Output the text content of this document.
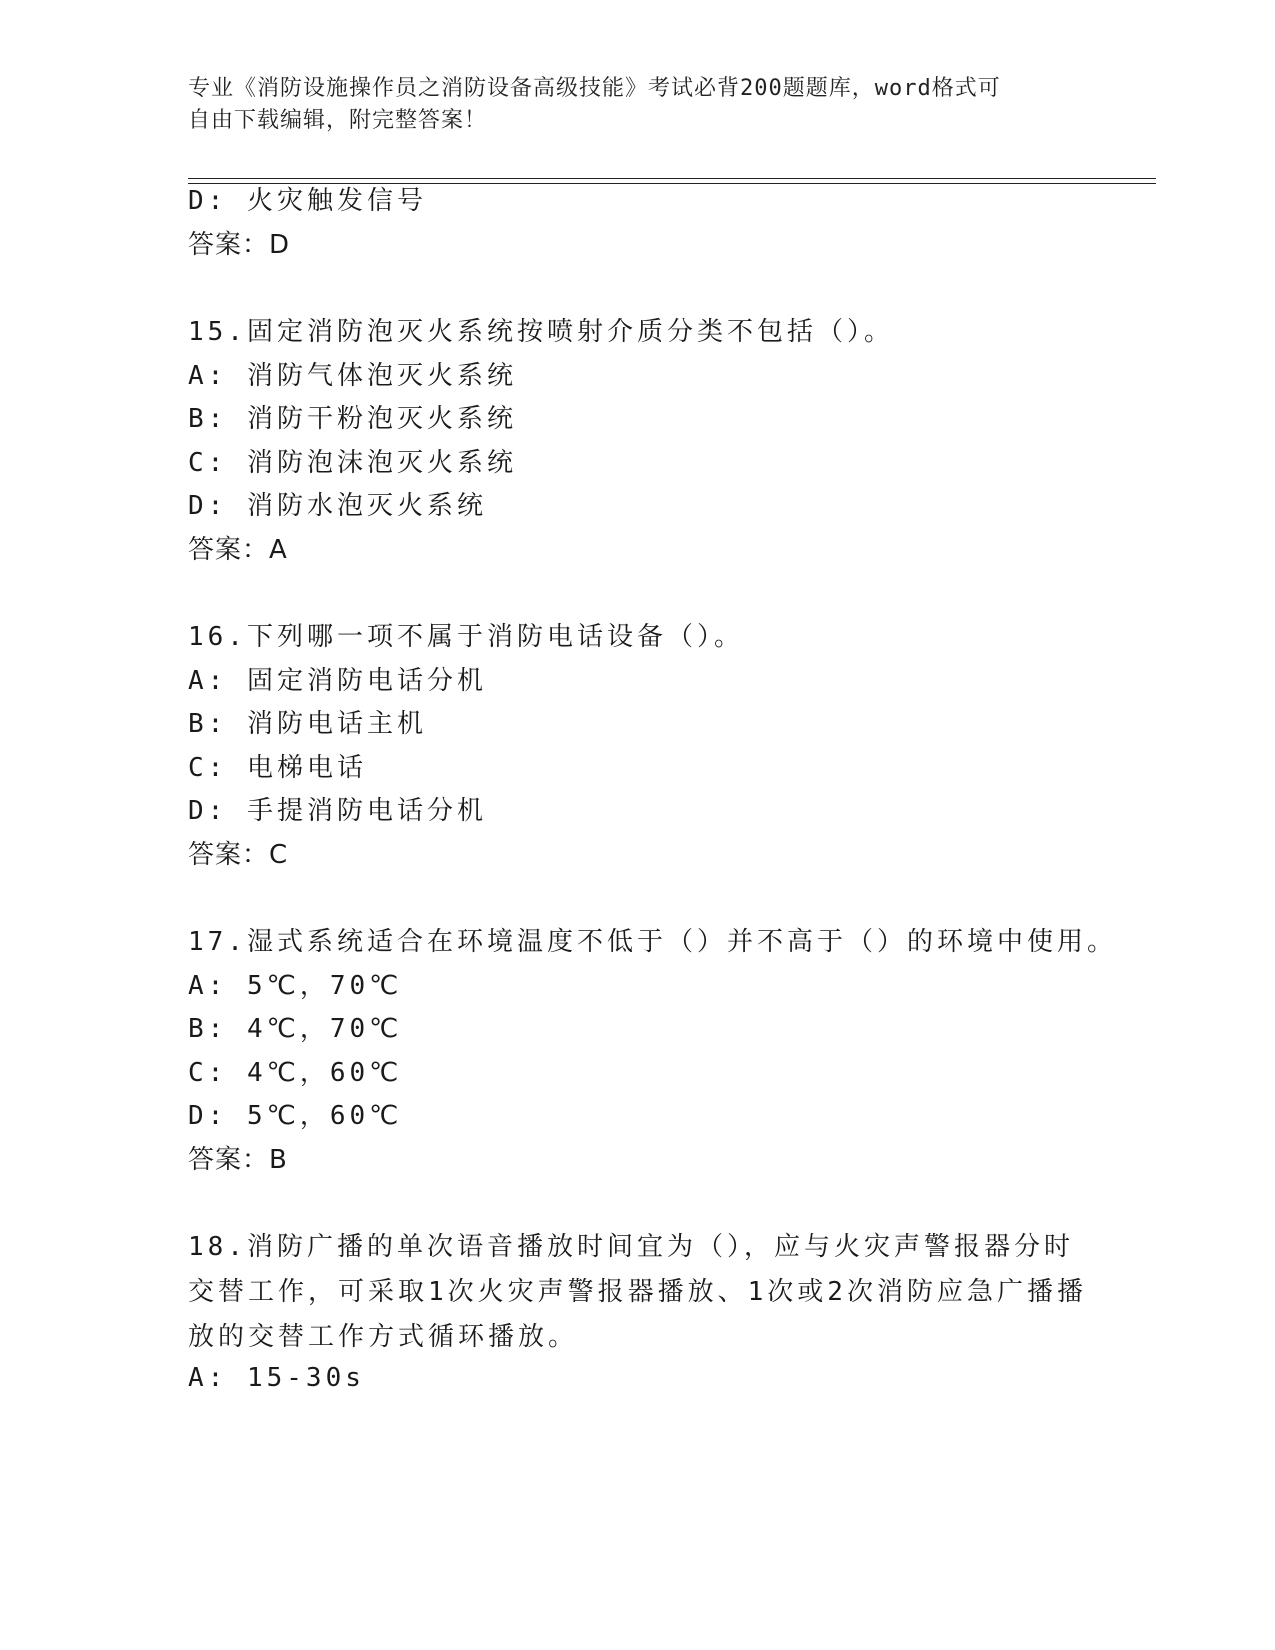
专业《消防设施操作员之消防设备高级技能》考试必背200题题库，word格式可
自由下载编辑，附完整答案！
D: 火灾触发信号
答案：D
15.固定消防泡灭火系统按喷射介质分类不包括（）。
A: 消防气体泡灭火系统
B: 消防干粉泡灭火系统
C: 消防泡沫泡灭火系统
D: 消防水泡灭火系统
答案：A
16.下列哪一项不属于消防电话设备（）。
A: 固定消防电话分机
B: 消防电话主机
C: 电梯电话
D: 手提消防电话分机
答案：C
17.湿式系统适合在环境温度不低于（）并不高于（）的环境中使用。
A: 5℃，70℃
B: 4℃，70℃
C: 4℃，60℃
D: 5℃，60℃
答案：B
18.消防广播的单次语音播放时间宜为（），应与火灾声警报器分时交替工作，可采取1次火灾声警报器播放、1次或2次消防应急广播播放的交替工作方式循环播放。
A: 15-30s
